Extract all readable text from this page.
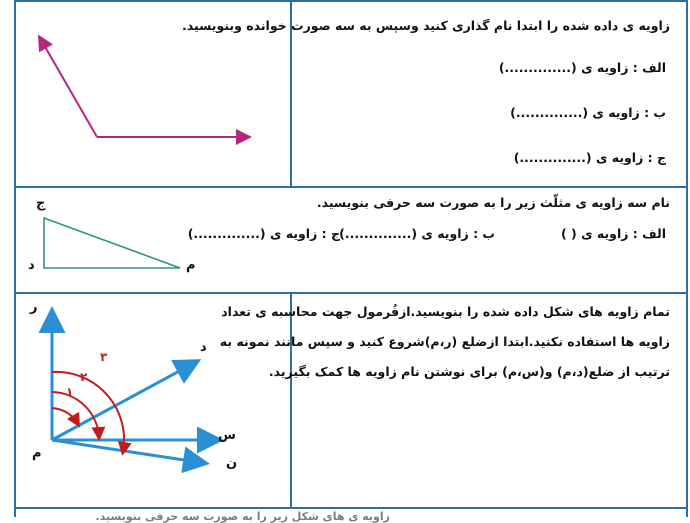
زاویه ی داده شده را ابتدا نام گذاری کنید وسپس به سه صورت خوانده وبنویسید.
الف : زاویه ی (..............)
ب : زاویه ی (..............)
ج : زاویه ی (..............)
نام سه زاویه ی مثلّث زیر را به صورت سه حرفی بنویسید.
الف : زاویه ی ( )
ب : زاویه ی (..............)
ج : زاویه ی (..............)
ج
د	م
تمام زاویه های شکل داده شده را بنویسید.ازفُرمول جهت محاسبه ی تعداد
زاویه ها استفاده نکنید.ابتدا ازضلع (ر،م)شروع کنید و سپس مانند نمونه به
ترتیب از ضلع(د،م) و(س،م) برای نوشتن نام زاویه ها کمک بگیرید.
ر
د
س
ن
م
۱
۲
۳
زاویه ی های شکل زیر را به صورت سه حرفی بنویسید.
